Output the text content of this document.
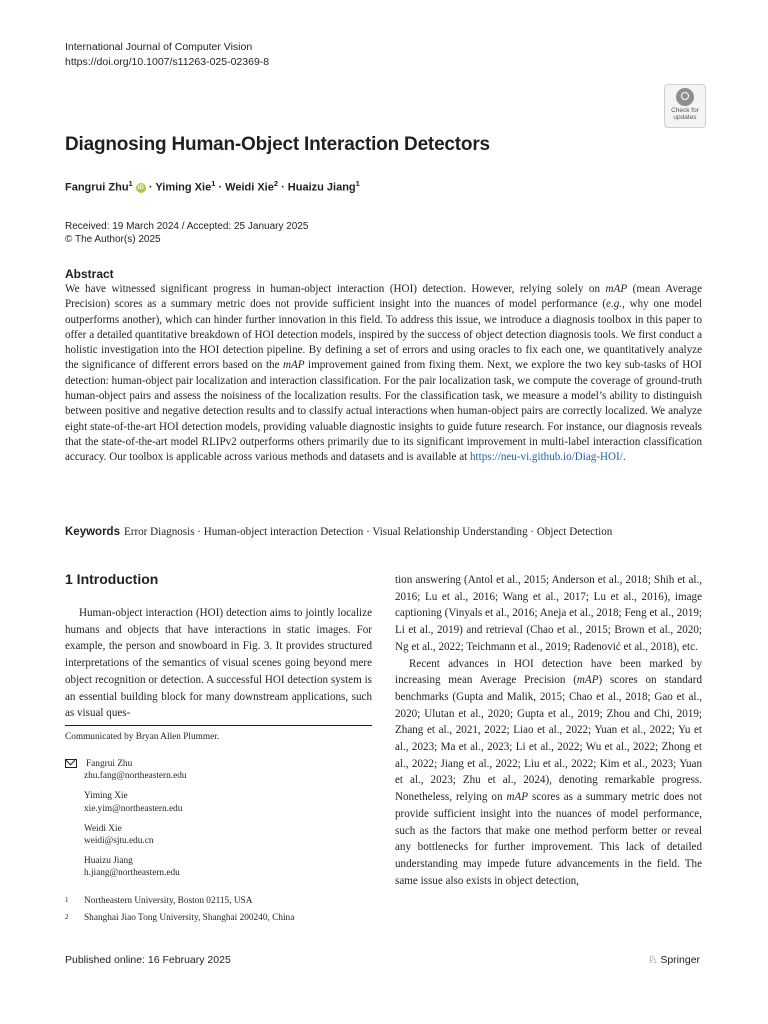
International Journal of Computer Vision
https://doi.org/10.1007/s11263-025-02369-8
Check for
updates
Diagnosing Human-Object Interaction Detectors
Fangrui Zhu$^1$ iD · Yiming Xie$^1$ · Weidi Xie$^2$ · Huaizu Jiang$^1$
Received: 19 March 2024 / Accepted: 25 January 2025
© The Author(s) 2025
Abstract
We have witnessed significant progress in human-object interaction (HOI) detection. However, relying solely on mAP (mean Average Precision) scores as a summary metric does not provide sufficient insight into the nuances of model performance (e.g., why one model outperforms another), which can hinder further innovation in this field. To address this issue, we introduce a diagnosis toolbox in this paper to offer a detailed quantitative breakdown of HOI detection models, inspired by the success of object detection diagnosis tools. We first conduct a holistic investigation into the HOI detection pipeline. By defining a set of errors and using oracles to fix each one, we quantitatively analyze the significance of different errors based on the mAP improvement gained from fixing them. Next, we explore the two key sub-tasks of HOI detection: human-object pair localization and interaction classification. For the pair localization task, we compute the coverage of ground-truth human-object pairs and assess the noisiness of the localization results. For the classification task, we measure a model’s ability to distinguish between positive and negative detection results and to classify actual interactions when human-object pairs are correctly localized. We analyze eight state-of-the-art HOI detection models, providing valuable diagnostic insights to guide future research. For instance, our diagnosis reveals that the state-of-the-art model RLIPv2 outperforms others primarily due to its significant improvement in multi-label interaction classification accuracy. Our toolbox is applicable across various methods and datasets and is available at https://neu-vi.github.io/Diag-HOI/.
Keywords Error Diagnosis · Human-object interaction Detection · Visual Relationship Understanding · Object Detection
1 Introduction

Human-object interaction (HOI) detection aims to jointly localize humans and objects that have interactions in static images. For example, the person and snowboard in Fig. 3. It provides structured interpretations of the semantics of visual scenes going beyond mere object recognition or detection. A successful HOI detection system is an essential building block for many downstream applications, such as visual ques-

tion answering (Antol et al., 2015; Anderson et al., 2018; Shih et al., 2016; Lu et al., 2016; Wang et al., 2017; Lu et al., 2016), image captioning (Vinyals et al., 2016; Aneja et al., 2018; Feng et al., 2019; Li et al., 2019) and retrieval (Chao et al., 2015; Brown et al., 2020; Ng et al., 2022; Teichmann et al., 2019; Radenović et al., 2018), etc.

Recent advances in HOI detection have been marked by increasing mean Average Precision (mAP) scores on standard benchmarks (Gupta and Malik, 2015; Chao et al., 2018; Gao et al., 2020; Ulutan et al., 2020; Gupta et al., 2019; Zhou and Chi, 2019; Zhang et al., 2021, 2022; Liao et al., 2022; Yuan et al., 2022; Yu et al., 2023; Ma et al., 2023; Li et al., 2022; Wu et al., 2022; Zhong et al., 2022; Jiang et al., 2022; Liu et al., 2022; Kim et al., 2023; Yuan et al., 2023; Zhu et al., 2024), denoting remarkable progress. Nonetheless, relying on mAP scores as a summary metric does not provide sufficient insight into the nuances of model performance, such as the factors that make one method perform better or reveal any bottlenecks for further improvement. This lack of detailed understanding may impede future advancements in the field. The same issue also exists in object detection,

Communicated by Bryan Allen Plummer.
Fangrui Zhu
zhu.fang@northeastern.edu
Yiming Xie
xie.yim@northeastern.edu
Weidi Xie
weidi@sjtu.edu.cn
Huaizu Jiang
h.jiang@northeastern.edu
1 Northeastern University, Boston 02115, USA
2 Shanghai Jiao Tong University, Shanghai 200240, China
Published online: 16 February 2025	♘ Springer
